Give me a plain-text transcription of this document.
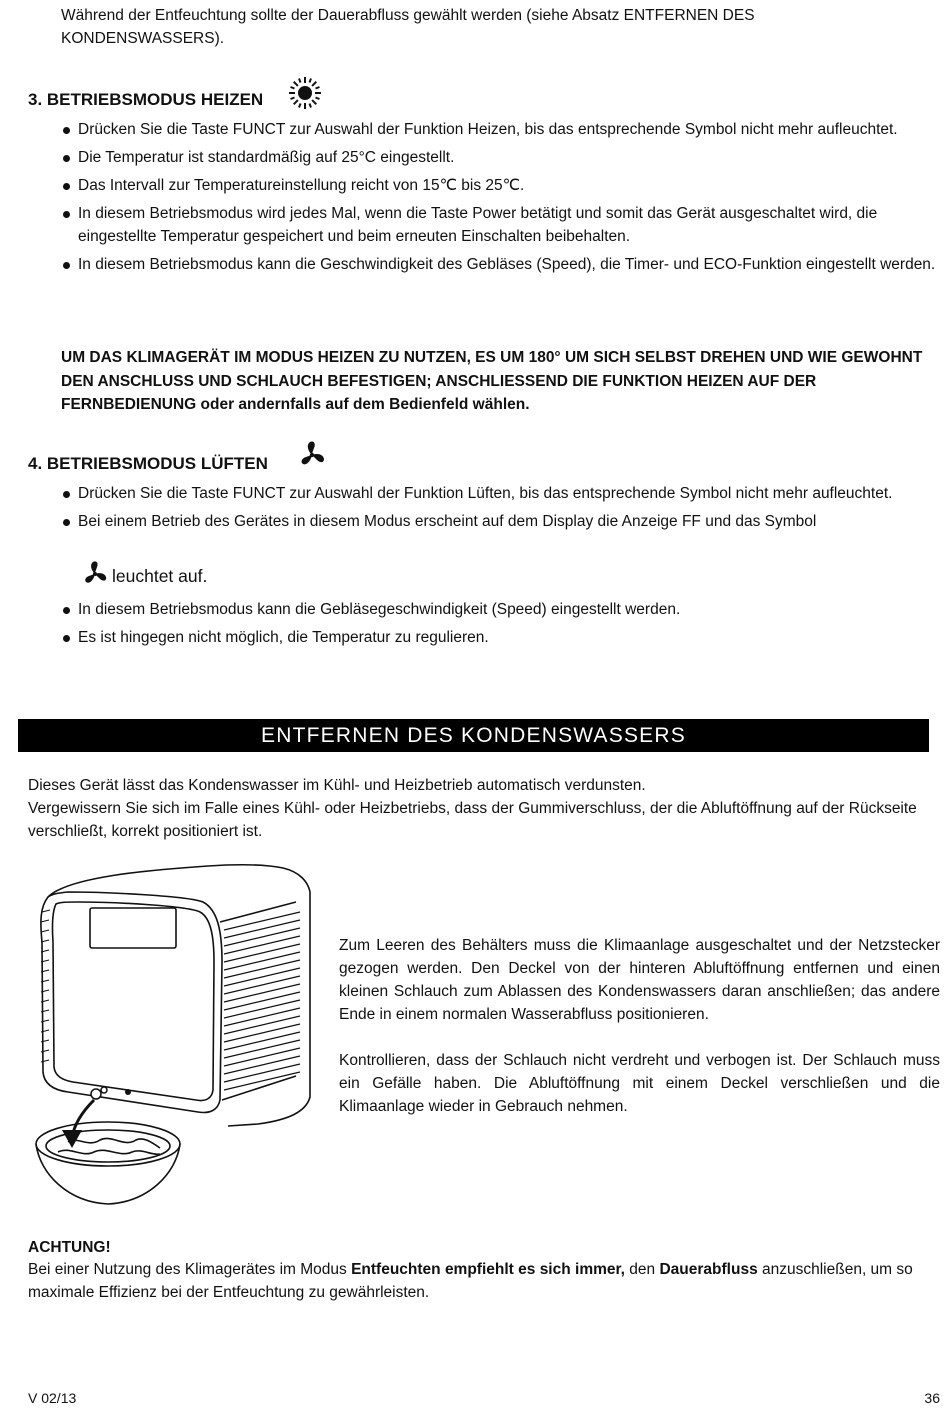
Während der Entfeuchtung sollte der Dauerabfluss gewählt werden (siehe Absatz ENTFERNEN DES KONDENSWASSERS).
3. BETRIEBSMODUS HEIZEN
Drücken Sie die Taste FUNCT zur Auswahl der Funktion Heizen, bis das entsprechende Symbol nicht mehr aufleuchtet.
Die Temperatur ist standardmäßig auf 25°C eingestellt.
Das Intervall zur Temperatureinstellung reicht von 15℃ bis 25℃.
In diesem Betriebsmodus wird jedes Mal, wenn die Taste Power betätigt und somit das Gerät ausgeschaltet wird, die eingestellte Temperatur gespeichert und beim erneuten Einschalten beibehalten.
In diesem Betriebsmodus kann die Geschwindigkeit des Gebläses (Speed), die Timer- und ECO-Funktion eingestellt werden.
UM DAS KLIMAGERÄT IM MODUS HEIZEN ZU NUTZEN, ES UM 180° UM SICH SELBST DREHEN UND WIE GEWOHNT DEN ANSCHLUSS UND SCHLAUCH BEFESTIGEN; ANSCHLIESSEND DIE FUNKTION HEIZEN AUF DER FERNBEDIENUNG oder andernfalls auf dem Bedienfeld wählen.
4. BETRIEBSMODUS LÜFTEN
Drücken Sie die Taste FUNCT zur Auswahl der Funktion Lüften, bis das entsprechende Symbol nicht mehr aufleuchtet.
Bei einem Betrieb des Gerätes in diesem Modus erscheint auf dem Display die Anzeige FF und das Symbol
leuchtet auf.
In diesem Betriebsmodus kann die Gebläsegeschwindigkeit (Speed) eingestellt werden.
Es ist hingegen nicht möglich, die Temperatur zu regulieren.
ENTFERNEN DES KONDENSWASSERS
Dieses Gerät lässt das Kondenswasser im Kühl- und Heizbetrieb automatisch verdunsten.
Vergewissern Sie sich im Falle eines Kühl- oder Heizbetriebs, dass der Gummiverschluss, der die Abluftöffnung auf der Rückseite verschließt, korrekt positioniert ist.
Zum Leeren des Behälters muss die Klimaanlage ausgeschaltet und der Netzstecker gezogen werden. Den Deckel von der hinteren Abluftöffnung entfernen und einen kleinen Schlauch zum Ablassen des Kondenswassers daran anschließen; das andere Ende in einem normalen Wasserabfluss positionieren.
Kontrollieren, dass der Schlauch nicht verdreht und verbogen ist. Der Schlauch muss ein Gefälle haben. Die Abluftöffnung mit einem Deckel verschließen und die Klimaanlage wieder in Gebrauch nehmen.
ACHTUNG!
Bei einer Nutzung des Klimagerätes im Modus Entfeuchten empfiehlt es sich immer, den Dauerabfluss anzuschließen, um so maximale Effizienz bei der Entfeuchtung zu gewährleisten.
V 02/13	36
